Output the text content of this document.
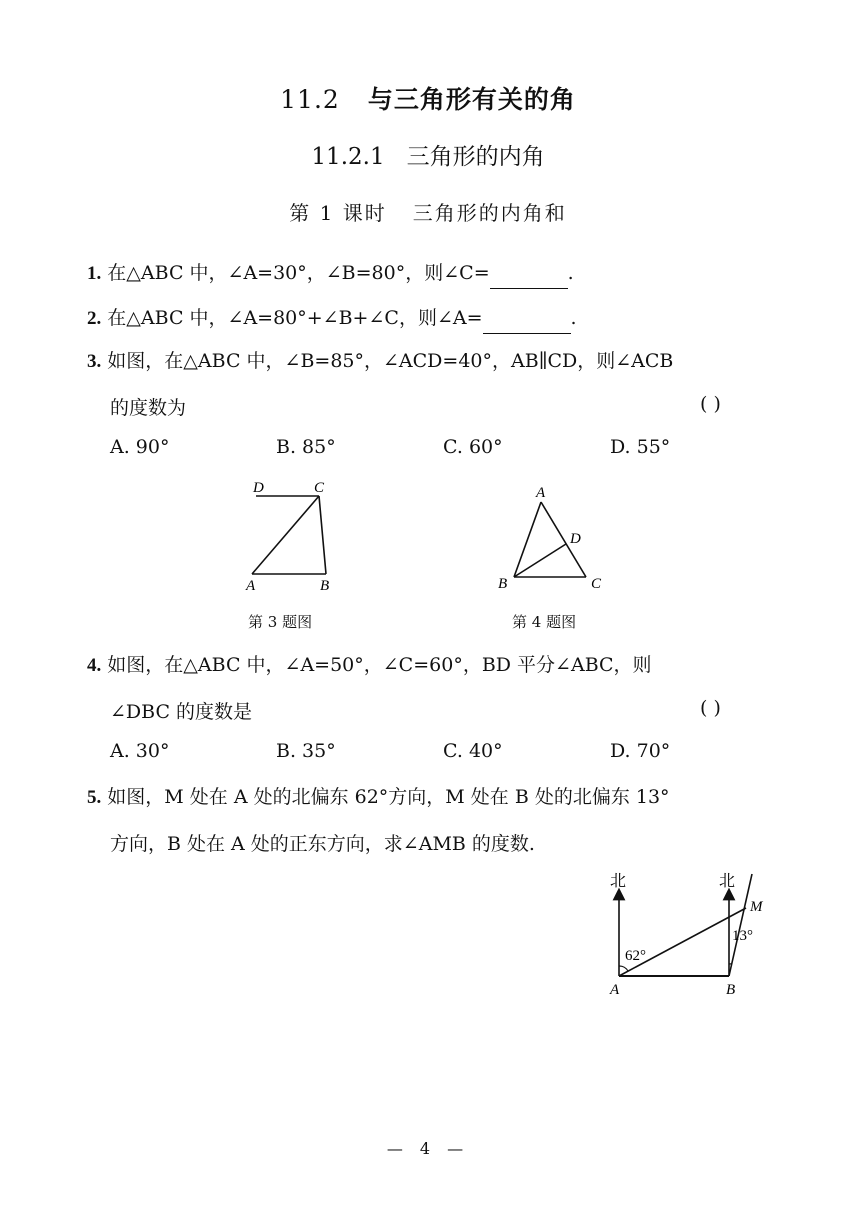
11.2 与三角形有关的角
11.2.1 三角形的内角
第 1 课时 三角形的内角和
1. 在△ABC 中，∠A=30°，∠B=80°，则∠C=	.
2. 在△ABC 中，∠A=80°+∠B+∠C，则∠A=	.
3. 如图，在△ABC 中，∠B=85°，∠ACD=40°，AB∥CD，则∠ACB
的度数为	( )
A. 90°	B. 85°	C. 60°	D. 55°
D	C
A	B
第 3 题图
A
D
B	C
第 4 题图
4. 如图，在△ABC 中，∠A=50°，∠C=60°，BD 平分∠ABC，则
∠DBC 的度数是	( )
A. 30°	B. 35°	C. 40°	D. 70°
5. 如图，M 处在 A 处的北偏东 62°方向，M 处在 B 处的北偏东 13°
方向，B 处在 A 处的正东方向，求∠AMB 的度数.
北	北
62°
13°
M
A	B
— 4 —
